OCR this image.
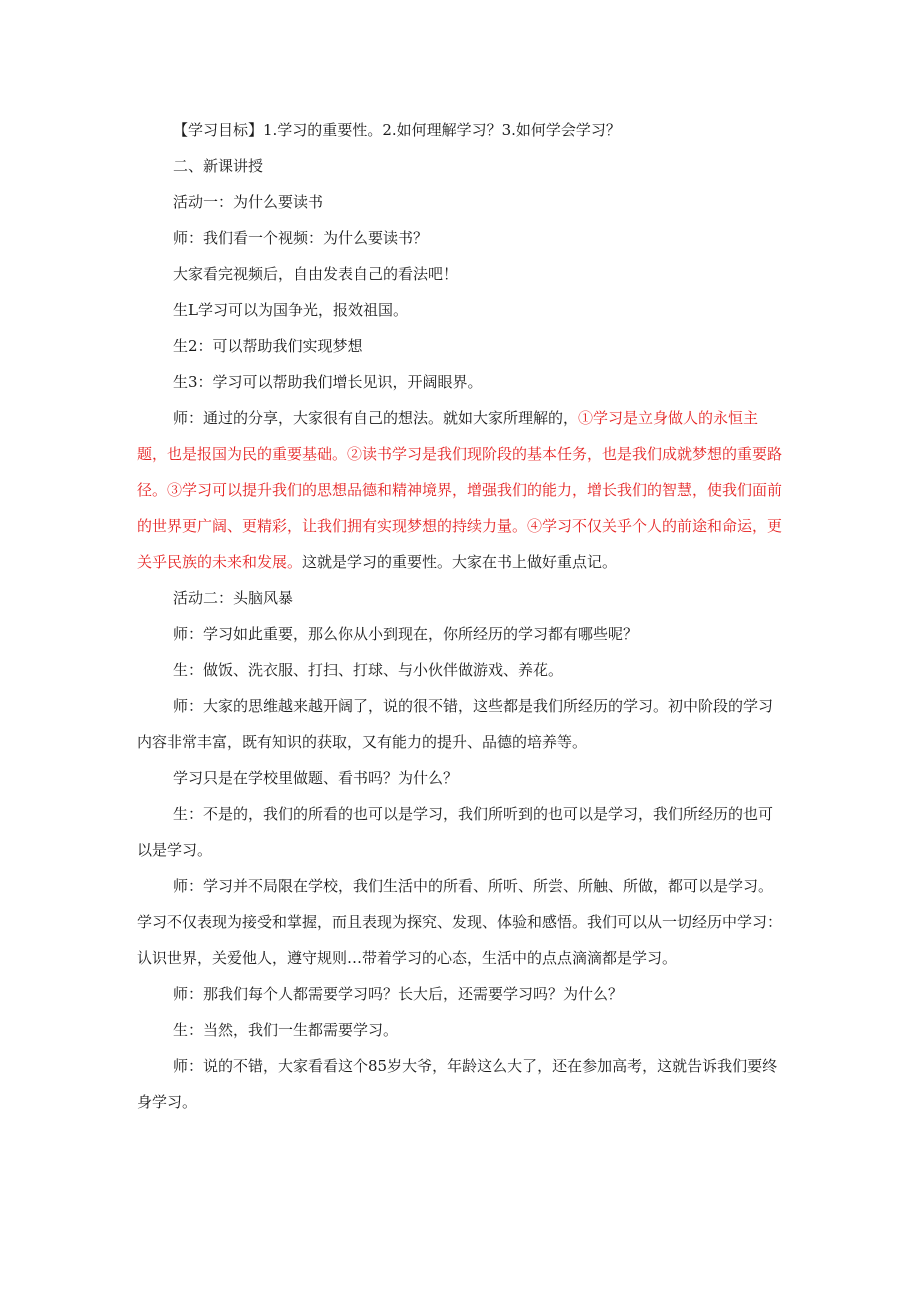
【学习目标】1.学习的重要性。2.如何理解学习？3.如何学会学习？

二、新课讲授

活动一：为什么要读书

师：我们看一个视频：为什么要读书？

大家看完视频后，自由发表自己的看法吧！

生L学习可以为国争光，报效祖国。

生2：可以帮助我们实现梦想

生3：学习可以帮助我们增长见识，开阔眼界。

师：通过的分享，大家很有自己的想法。就如大家所理解的，①学习是立身做人的永恒主题，也是报国为民的重要基础。②读书学习是我们现阶段的基本任务，也是我们成就梦想的重要路径。③学习可以提升我们的思想品德和精神境界，增强我们的能力，增长我们的智慧，使我们面前的世界更广阔、更精彩，让我们拥有实现梦想的持续力量。④学习不仅关乎个人的前途和命运，更关乎民族的未来和发展。这就是学习的重要性。大家在书上做好重点记。

活动二：头脑风暴

师：学习如此重要，那么你从小到现在，你所经历的学习都有哪些呢？

生：做饭、洗衣服、打扫、打球、与小伙伴做游戏、养花。

师：大家的思维越来越开阔了，说的很不错，这些都是我们所经历的学习。初中阶段的学习内容非常丰富，既有知识的获取，又有能力的提升、品德的培养等。

学习只是在学校里做题、看书吗？为什么？

生：不是的，我们的所看的也可以是学习，我们所听到的也可以是学习，我们所经历的也可以是学习。

师：学习并不局限在学校，我们生活中的所看、所听、所尝、所触、所做，都可以是学习。学习不仅表现为接受和掌握，而且表现为探究、发现、体验和感悟。我们可以从一切经历中学习：认识世界，关爱他人，遵守规则…带着学习的心态，生活中的点点滴滴都是学习。

师：那我们每个人都需要学习吗？长大后，还需要学习吗？为什么？

生：当然，我们一生都需要学习。

师：说的不错，大家看看这个85岁大爷，年龄这么大了，还在参加高考，这就告诉我们要终身学习。
